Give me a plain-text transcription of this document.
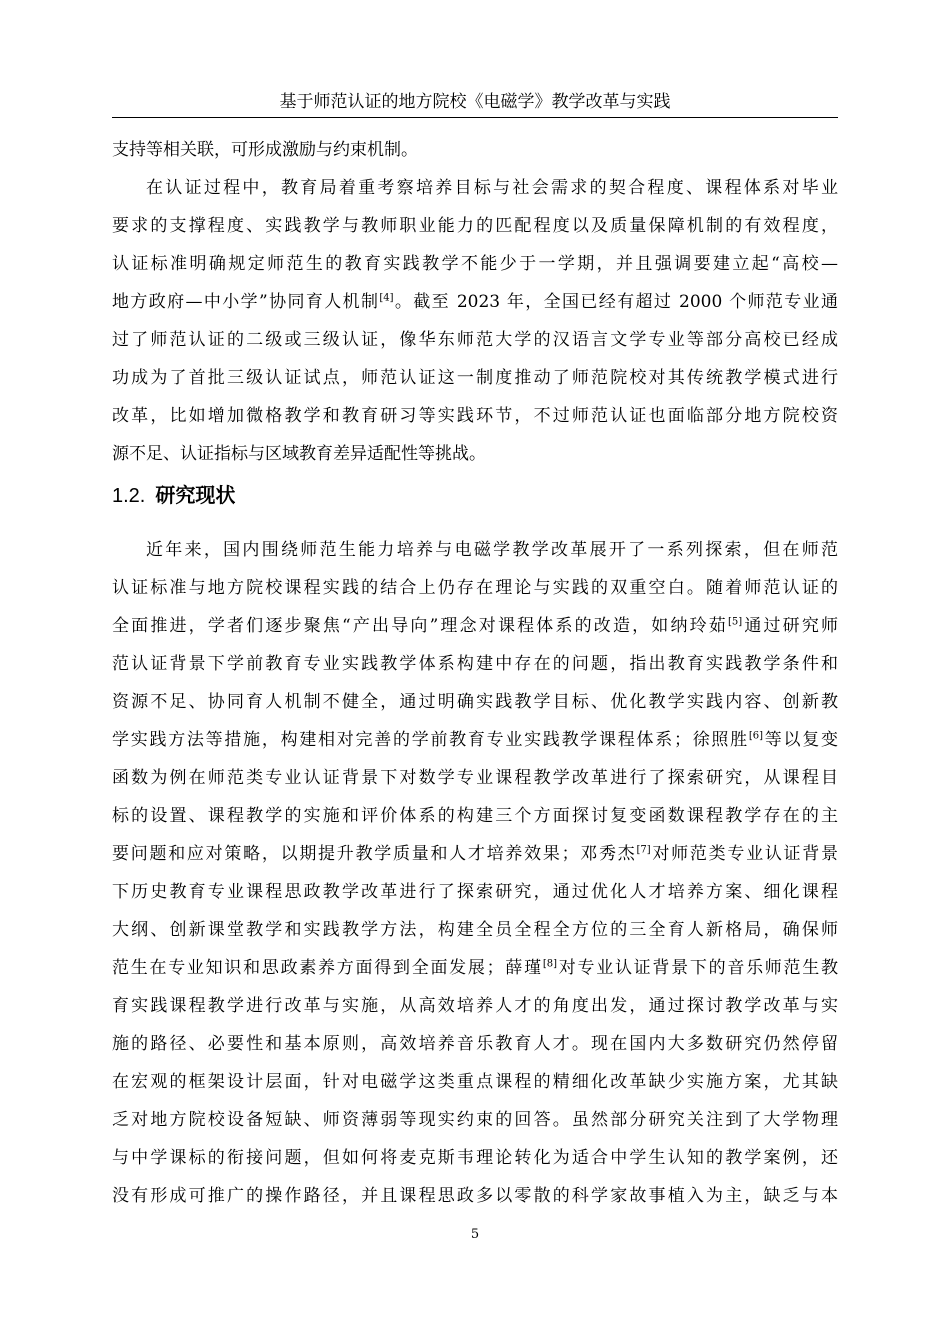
基于师范认证的地方院校《电磁学》教学改革与实践
支持等相关联，可形成激励与约束机制。
在认证过程中，教育局着重考察培养目标与社会需求的契合程度、课程体系对毕业
要求的支撑程度、实践教学与教师职业能力的匹配程度以及质量保障机制的有效程度，
认证标准明确规定师范生的教育实践教学不能少于一学期，并且强调要建立起“高校—
地方政府—中小学”协同育人机制[4]。截至 2023 年，全国已经有超过 2000 个师范专业通
过了师范认证的二级或三级认证，像华东师范大学的汉语言文学专业等部分高校已经成
功成为了首批三级认证试点，师范认证这一制度推动了师范院校对其传统教学模式进行
改革，比如增加微格教学和教育研习等实践环节，不过师范认证也面临部分地方院校资
源不足、认证指标与区域教育差异适配性等挑战。
1.2. 研究现状
近年来，国内围绕师范生能力培养与电磁学教学改革展开了一系列探索，但在师范
认证标准与地方院校课程实践的结合上仍存在理论与实践的双重空白。随着师范认证的
全面推进，学者们逐步聚焦“产出导向”理念对课程体系的改造，如纳玲茹[5]通过研究师
范认证背景下学前教育专业实践教学体系构建中存在的问题，指出教育实践教学条件和
资源不足、协同育人机制不健全，通过明确实践教学目标、优化教学实践内容、创新教
学实践方法等措施，构建相对完善的学前教育专业实践教学课程体系；徐照胜[6]等以复变
函数为例在师范类专业认证背景下对数学专业课程教学改革进行了探索研究，从课程目
标的设置、课程教学的实施和评价体系的构建三个方面探讨复变函数课程教学存在的主
要问题和应对策略，以期提升教学质量和人才培养效果；邓秀杰[7]对师范类专业认证背景
下历史教育专业课程思政教学改革进行了探索研究，通过优化人才培养方案、细化课程
大纲、创新课堂教学和实践教学方法，构建全员全程全方位的三全育人新格局，确保师
范生在专业知识和思政素养方面得到全面发展；薛瑾[8]对专业认证背景下的音乐师范生教
育实践课程教学进行改革与实施，从高效培养人才的角度出发，通过探讨教学改革与实
施的路径、必要性和基本原则，高效培养音乐教育人才。现在国内大多数研究仍然停留
在宏观的框架设计层面，针对电磁学这类重点课程的精细化改革缺少实施方案，尤其缺
乏对地方院校设备短缺、师资薄弱等现实约束的回答。虽然部分研究关注到了大学物理
与中学课标的衔接问题，但如何将麦克斯韦理论转化为适合中学生认知的教学案例，还
没有形成可推广的操作路径，并且课程思政多以零散的科学家故事植入为主，缺乏与本
5
